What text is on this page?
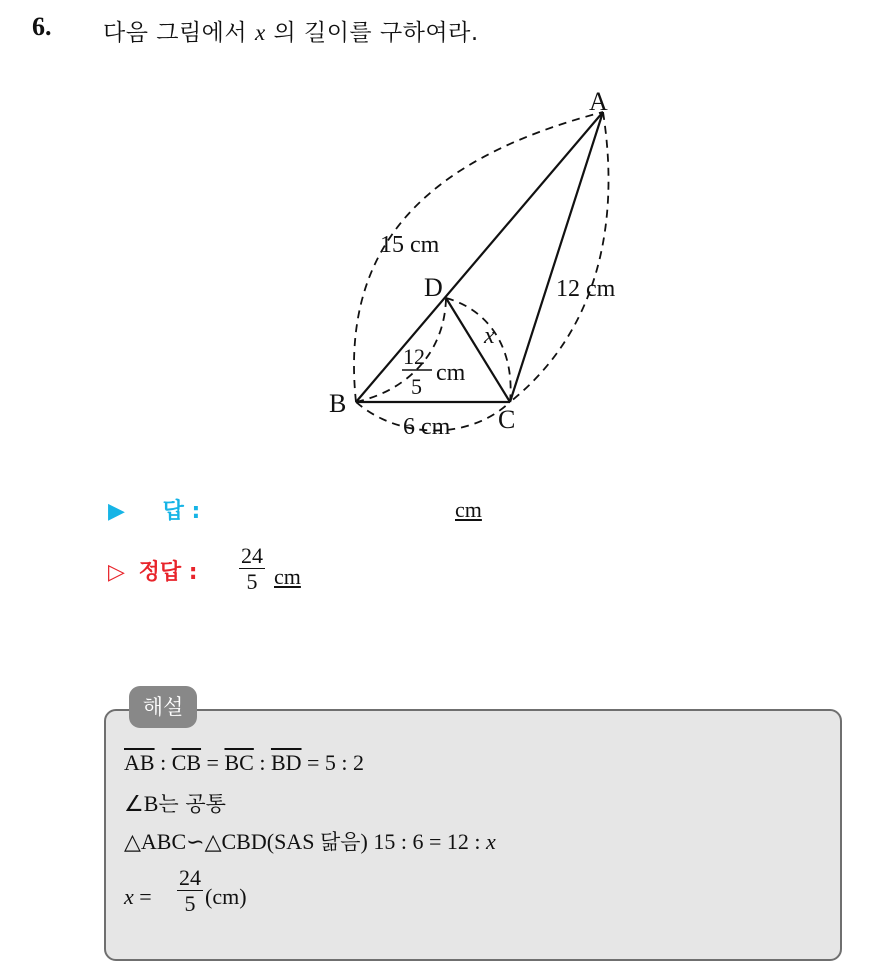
6. 다음 그림에서 x 의 길이를 구하여라.
A
B
C
D
15 cm
12 cm
6 cm
x
12
5
cm
▶ 답 :	cm
▷ 정답 : $\frac{24}{5}$ cm
해설
$\overline{AB}$ : $\overline{CB} = \overline{BC}$ : $\overline{BD} = 5$ : 2
∠B는 공통
△ABC∽△CBD(SAS 닮음) 15 : 6 = 12 : x
$x = \frac{24}{5} (cm)$
